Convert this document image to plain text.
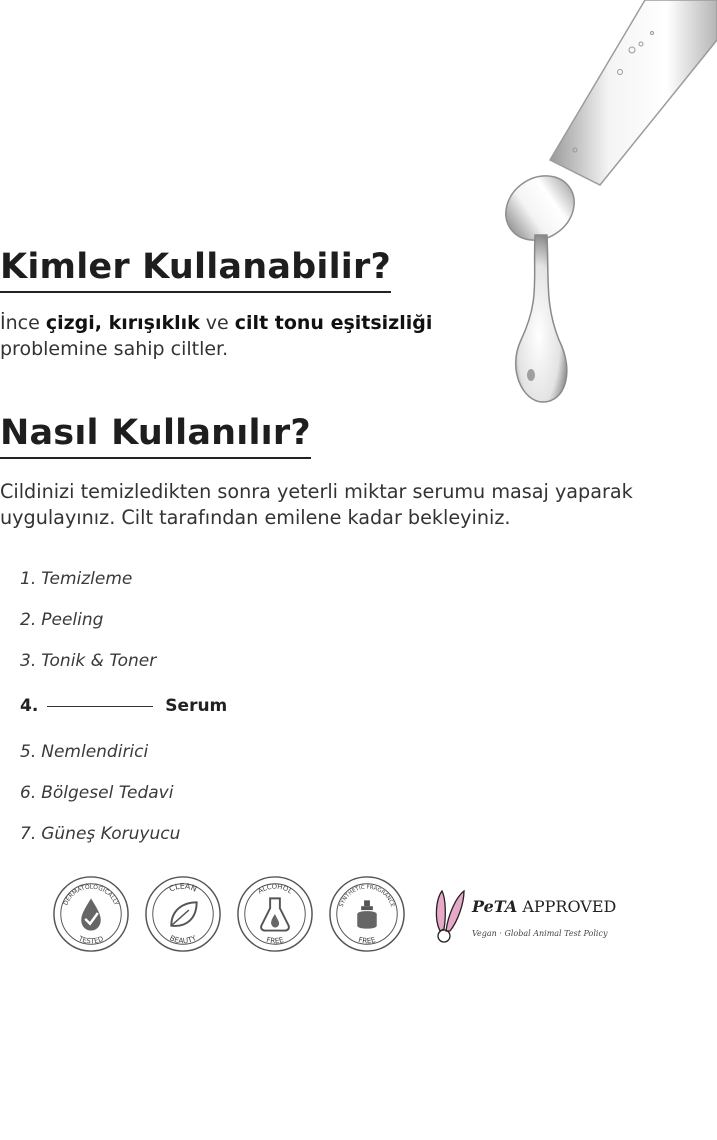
Kimler Kullanabilir?

İnce çizgi, kırışıklık ve cilt tonu eşitsizliği problemine sahip ciltler.

Nasıl Kullanılır?

Cildinizi temizledikten sonra yeterli miktar serumu masaj yaparak uygulayınız. Cilt tarafından emilene kadar bekleyiniz.

1. Temizleme
2. Peeling
3. Tonik & Toner
4.	Serum
5. Nemlendirici
6. Bölgesel Tedavi
7. Güneş Koruyucu
DERMATOLOGICALLY
TESTED
CLEAN
BEAUTY
ALCOHOL
FREE
SYNTHETIC FRAGRANCE
FREE
PeTA APPROVED
Vegan · Global Animal Test Policy
